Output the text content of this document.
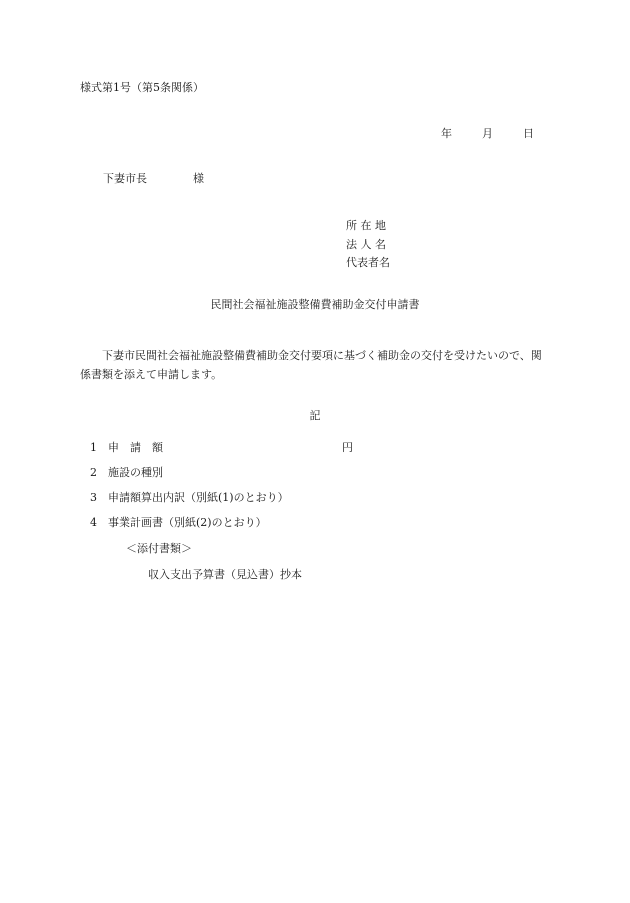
様式第1号（第5条関係）
年	月	日
下妻市長	様
所 在 地
法 人 名
代表者名
民間社会福祉施設整備費補助金交付申請書
下妻市民間社会福祉施設整備費補助金交付要項に基づく補助金の交付を受けたいので、関係書類を添えて申請します。
記
1 申　請　額	円
2 施設の種別
3 申請額算出内訳（別紙(1)のとおり）
4 事業計画書（別紙(2)のとおり）
＜添付書類＞
収入支出予算書（見込書）抄本
